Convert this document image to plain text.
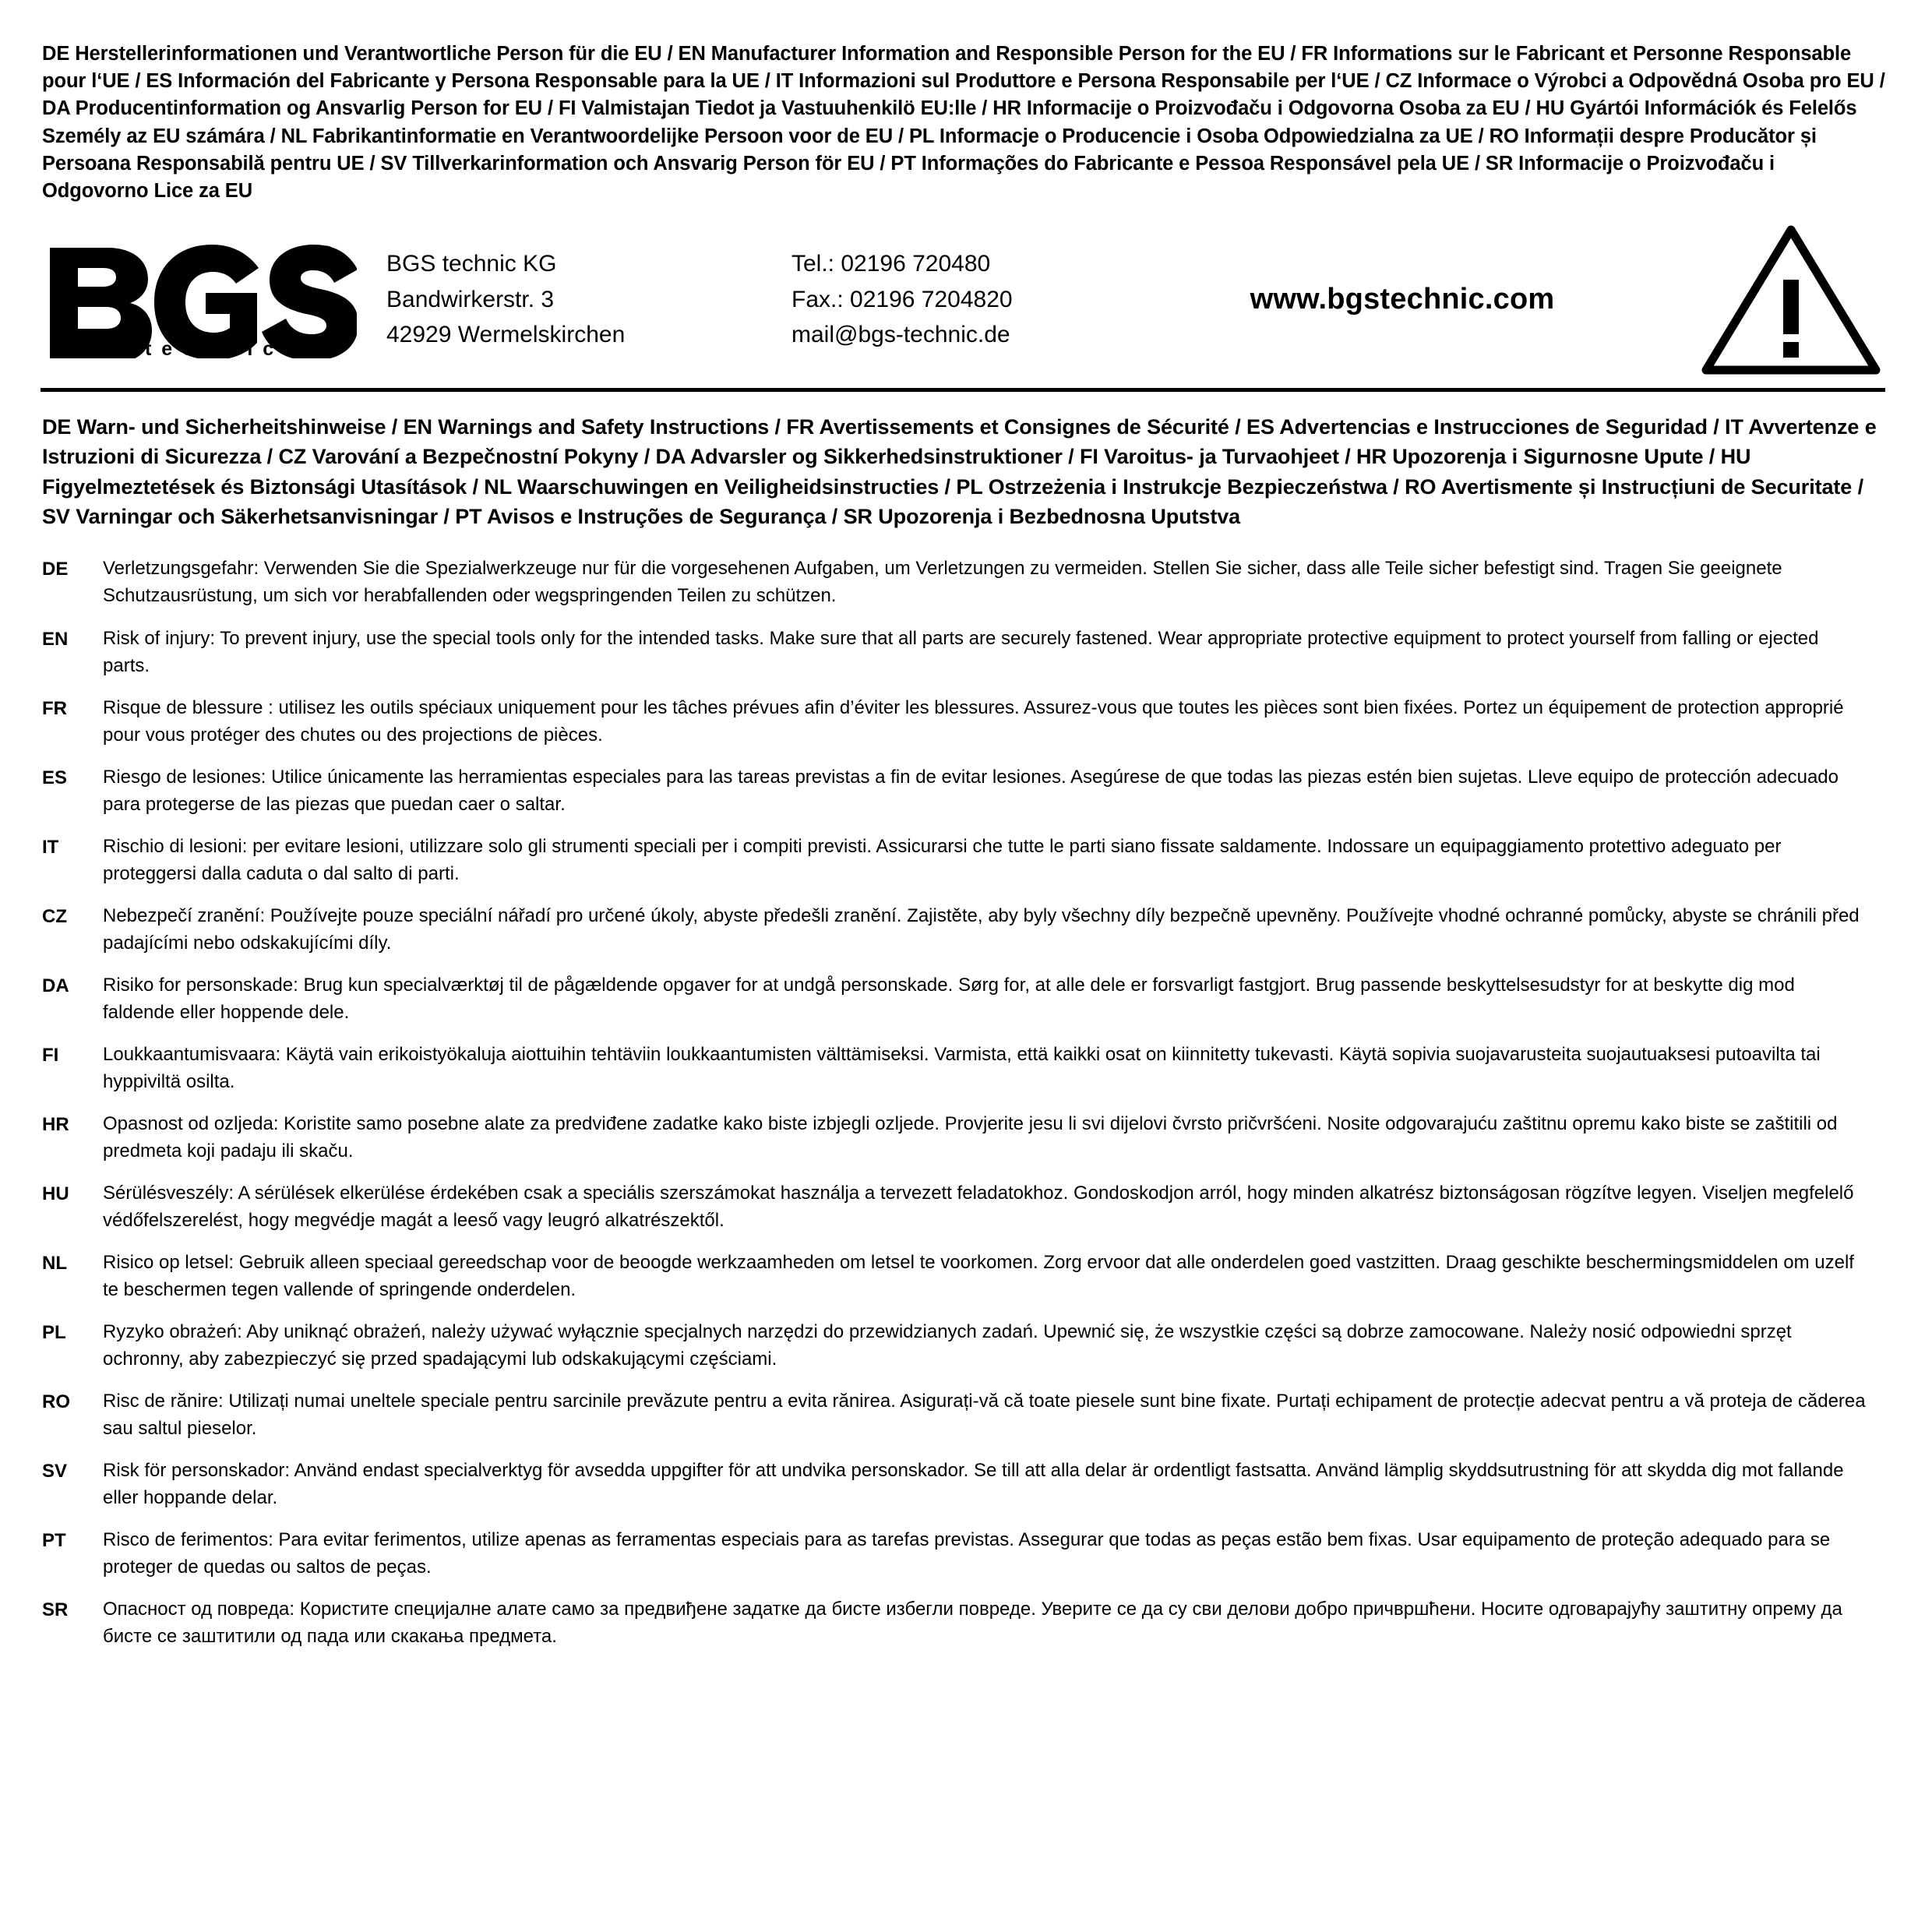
DE Herstellerinformationen und Verantwortliche Person für die EU / EN Manufacturer Information and Responsible Person for the EU / FR Informations sur le Fabricant et Personne Responsable pour l‘UE / ES Información del Fabricante y Persona Responsable para la UE / IT Informazioni sul Produttore e Persona Responsabile per l‘UE / CZ Informace o Výrobci a Odpovědná Osoba pro EU / DA Producentinformation og Ansvarlig Person for EU / FI Valmistajan Tiedot ja Vastuuhenkilö EU:lle / HR Informacije o Proizvođaču i Odgovorna Osoba za EU / HU Gyártói Információk és Felelős Személy az EU számára / NL Fabrikantinformatie en Verantwoordelijke Persoon voor de EU / PL Informacje o Producencie i Osoba Odpowiedzialna za UE / RO Informații despre Producător și Persoana Responsabilă pentru UE / SV Tillverkarinformation och Ansvarig Person för EU / PT Informações do Fabricante e Pessoa Responsável pela UE / SR Informacije o Proizvođaču i Odgovorno Lice za EU
®
t e c h n i c
BGS technic KG
Bandwirkerstr. 3
42929 Wermelskirchen
Tel.: 02196 720480
Fax.: 02196 7204820
mail@bgs-technic.de
www.bgstechnic.com
DE Warn- und Sicherheitshinweise / EN Warnings and Safety Instructions / FR Avertissements et Consignes de Sécurité / ES Advertencias e Instrucciones de Seguridad / IT Avvertenze e Istruzioni di Sicurezza / CZ Varování a Bezpečnostní Pokyny / DA Advarsler og Sikkerhedsinstruktioner / FI Varoitus- ja Turvaohjeet / HR Upozorenja i Sigurnosne Upute / HU Figyelmeztetések és Biztonsági Utasítások / NL Waarschuwingen en Veiligheidsinstructies / PL Ostrzeżenia i Instrukcje Bezpieczeństwa / RO Avertismente și Instrucțiuni de Securitate / SV Varningar och Säkerhetsanvisningar / PT Avisos e Instruções de Segurança / SR Upozorenja i Bezbednosna Uputstva
DE	Verletzungsgefahr: Verwenden Sie die Spezialwerkzeuge nur für die vorgesehenen Aufgaben, um Verletzungen zu vermeiden. Stellen Sie sicher, dass alle Teile sicher befestigt sind. Tragen Sie geeignete Schutzausrüstung, um sich vor herabfallenden oder wegspringenden Teilen zu schützen.
EN	Risk of injury: To prevent injury, use the special tools only for the intended tasks. Make sure that all parts are securely fastened. Wear appropriate protective equipment to protect yourself from falling or ejected parts.
FR	Risque de blessure : utilisez les outils spéciaux uniquement pour les tâches prévues afin d’éviter les blessures. Assurez-vous que toutes les pièces sont bien fixées. Portez un équipement de protection approprié pour vous protéger des chutes ou des projections de pièces.
ES	Riesgo de lesiones: Utilice únicamente las herramientas especiales para las tareas previstas a fin de evitar lesiones. Asegúrese de que todas las piezas estén bien sujetas. Lleve equipo de protección adecuado para protegerse de las piezas que puedan caer o saltar.
IT	Rischio di lesioni: per evitare lesioni, utilizzare solo gli strumenti speciali per i compiti previsti. Assicurarsi che tutte le parti siano fissate saldamente. Indossare un equipaggiamento protettivo adeguato per proteggersi dalla caduta o dal salto di parti.
CZ	Nebezpečí zranění: Používejte pouze speciální nářadí pro určené úkoly, abyste předešli zranění. Zajistěte, aby byly všechny díly bezpečně upevněny. Používejte vhodné ochranné pomůcky, abyste se chránili před padajícími nebo odskakujícími díly.
DA	Risiko for personskade: Brug kun specialværktøj til de pågældende opgaver for at undgå personskade. Sørg for, at alle dele er forsvarligt fastgjort. Brug passende beskyttelsesudstyr for at beskytte dig mod faldende eller hoppende dele.
FI	Loukkaantumisvaara: Käytä vain erikoistyökaluja aiottuihin tehtäviin loukkaantumisten välttämiseksi. Varmista, että kaikki osat on kiinnitetty tukevasti. Käytä sopivia suojavarusteita suojautuaksesi putoavilta tai hyppiviltä osilta.
HR	Opasnost od ozljeda: Koristite samo posebne alate za predviđene zadatke kako biste izbjegli ozljede. Provjerite jesu li svi dijelovi čvrsto pričvršćeni. Nosite odgovarajuću zaštitnu opremu kako biste se zaštitili od predmeta koji padaju ili skaču.
HU	Sérülésveszély: A sérülések elkerülése érdekében csak a speciális szerszámokat használja a tervezett feladatokhoz. Gondoskodjon arról, hogy minden alkatrész biztonságosan rögzítve legyen. Viseljen megfelelő védőfelszerelést, hogy megvédje magát a leeső vagy leugró alkatrészektől.
NL	Risico op letsel: Gebruik alleen speciaal gereedschap voor de beoogde werkzaamheden om letsel te voorkomen. Zorg ervoor dat alle onderdelen goed vastzitten. Draag geschikte beschermingsmiddelen om uzelf te beschermen tegen vallende of springende onderdelen.
PL	Ryzyko obrażeń: Aby uniknąć obrażeń, należy używać wyłącznie specjalnych narzędzi do przewidzianych zadań. Upewnić się, że wszystkie części są dobrze zamocowane. Należy nosić odpowiedni sprzęt ochronny, aby zabezpieczyć się przed spadającymi lub odskakującymi częściami.
RO	Risc de rănire: Utilizați numai uneltele speciale pentru sarcinile prevăzute pentru a evita rănirea. Asigurați-vă că toate piesele sunt bine fixate. Purtați echipament de protecție adecvat pentru a vă proteja de căderea sau saltul pieselor.
SV	Risk för personskador: Använd endast specialverktyg för avsedda uppgifter för att undvika personskador. Se till att alla delar är ordentligt fastsatta. Använd lämplig skyddsutrustning för att skydda dig mot fallande eller hoppande delar.
PT	Risco de ferimentos: Para evitar ferimentos, utilize apenas as ferramentas especiais para as tarefas previstas. Assegurar que todas as peças estão bem fixas. Usar equipamento de proteção adequado para se proteger de quedas ou saltos de peças.
SR	Опасност од повреда: Користите специјалне алате само за предвиђене задатке да бисте избегли повреде. Уверите се да су сви делови добро причвршћени. Носите одговарајућу заштитну опрему да бисте се заштитили од пада или скакања предмета.
